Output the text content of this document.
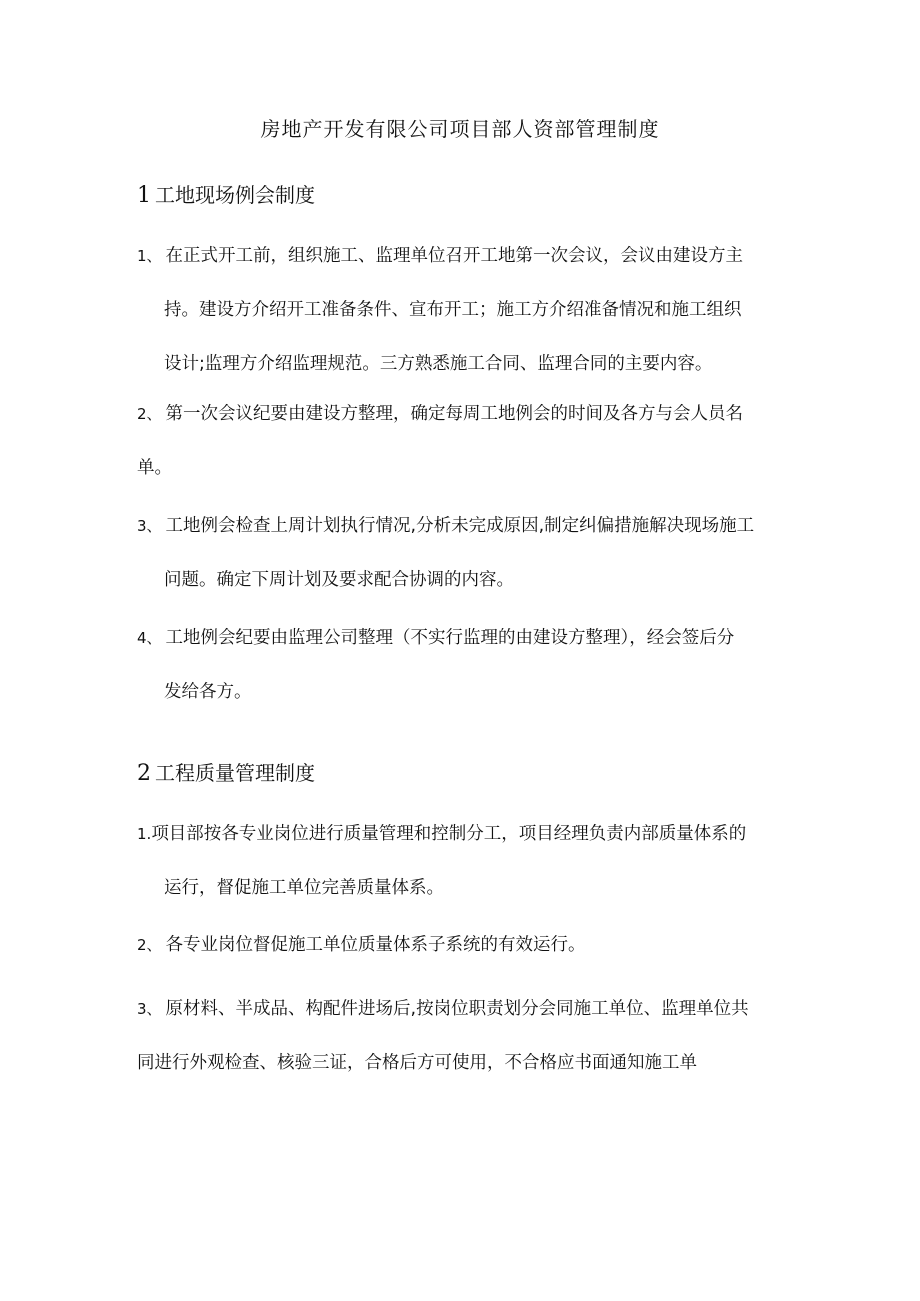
房地产开发有限公司项目部人资部管理制度
1 工地现场例会制度

1、 在正式开工前，组织施工、监理单位召开工地第一次会议，会议由建设方主
持。建设方介绍开工准备条件、宣布开工；施工方介绍准备情况和施工组织
设计;监理方介绍监理规范。三方熟悉施工合同、监理合同的主要内容。

2、 第一次会议纪要由建设方整理，确定每周工地例会的时间及各方与会人员名
单。

3、 工地例会检查上周计划执行情况,分析未完成原因,制定纠偏措施解决现场施工
问题。确定下周计划及要求配合协调的内容。

4、 工地例会纪要由监理公司整理（不实行监理的由建设方整理），经会签后分
发给各方。

2 工程质量管理制度

1.项目部按各专业岗位进行质量管理和控制分工，项目经理负责内部质量体系的
运行，督促施工单位完善质量体系。

2、 各专业岗位督促施工单位质量体系子系统的有效运行。

3、 原材料、半成品、构配件进场后,按岗位职责划分会同施工单位、监理单位共
同进行外观检查、核验三证，合格后方可使用，不合格应书面通知施工单
